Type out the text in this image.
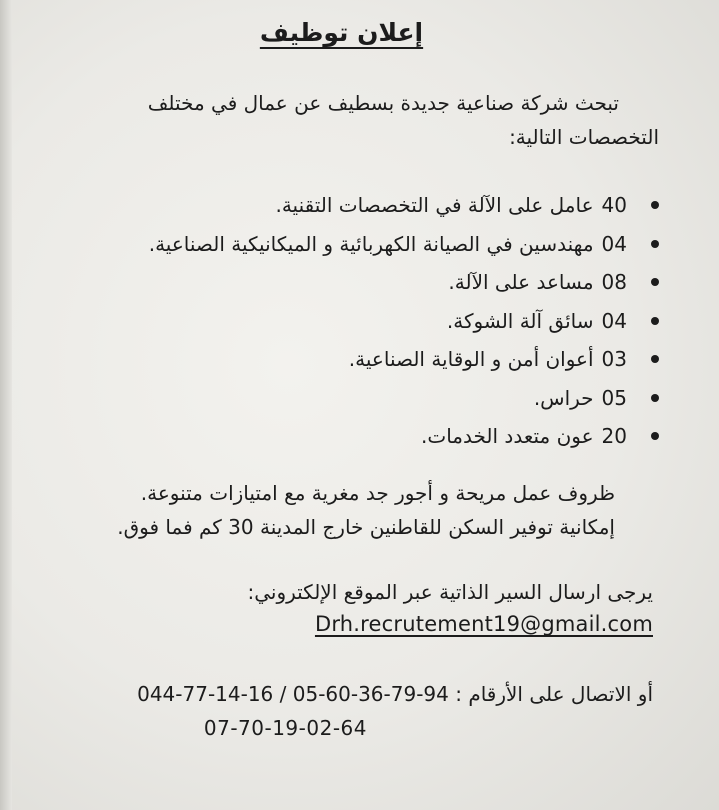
إعلان توظيف
تبحث شركة صناعية جديدة بسطيف عن عمال في مختلف
التخصصات التالية:
40عامل على الآلة في التخصصات التقنية.
04مهندسين في الصيانة الكهربائية و الميكانيكية الصناعية.
08مساعد على الآلة.
04سائق آلة الشوكة.
03أعوان أمن و الوقاية الصناعية.
05حراس.
20عون متعدد الخدمات.
ظروف عمل مريحة و أجور جد مغرية مع امتيازات متنوعة.
إمكانية توفير السكن للقاطنين خارج المدينة 30 كم فما فوق.
يرجى ارسال السير الذاتية عبر الموقع الإلكتروني:
Drh.recrutement19@gmail.com
أو الاتصال على الأرقام : 05-60-36-79-94 / 044-77-14-16
07-70-19-02-64
